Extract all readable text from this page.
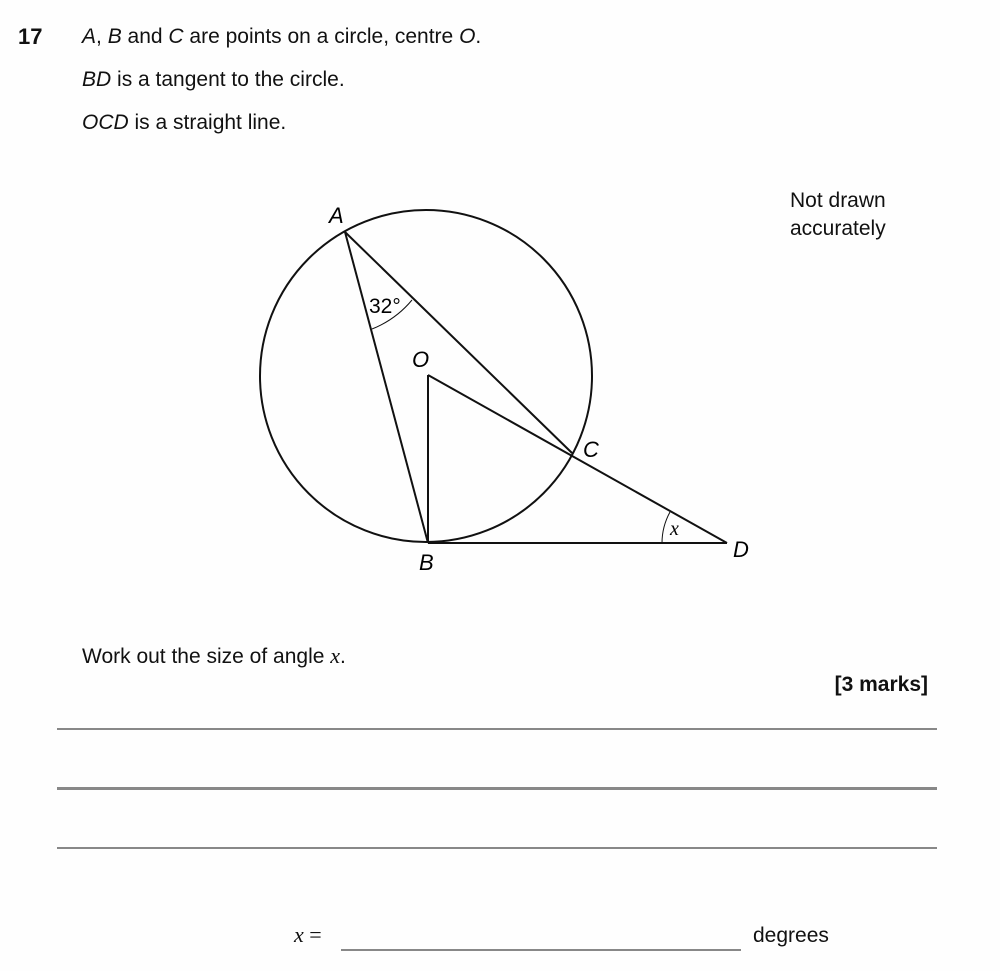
17 A, B and C are points on a circle, centre O.
BD is a tangent to the circle.
OCD is a straight line.
A
B
C
D
O
32°
x
Not drawn
accurately
Work out the size of angle x.
[3 marks]
x =	degrees
